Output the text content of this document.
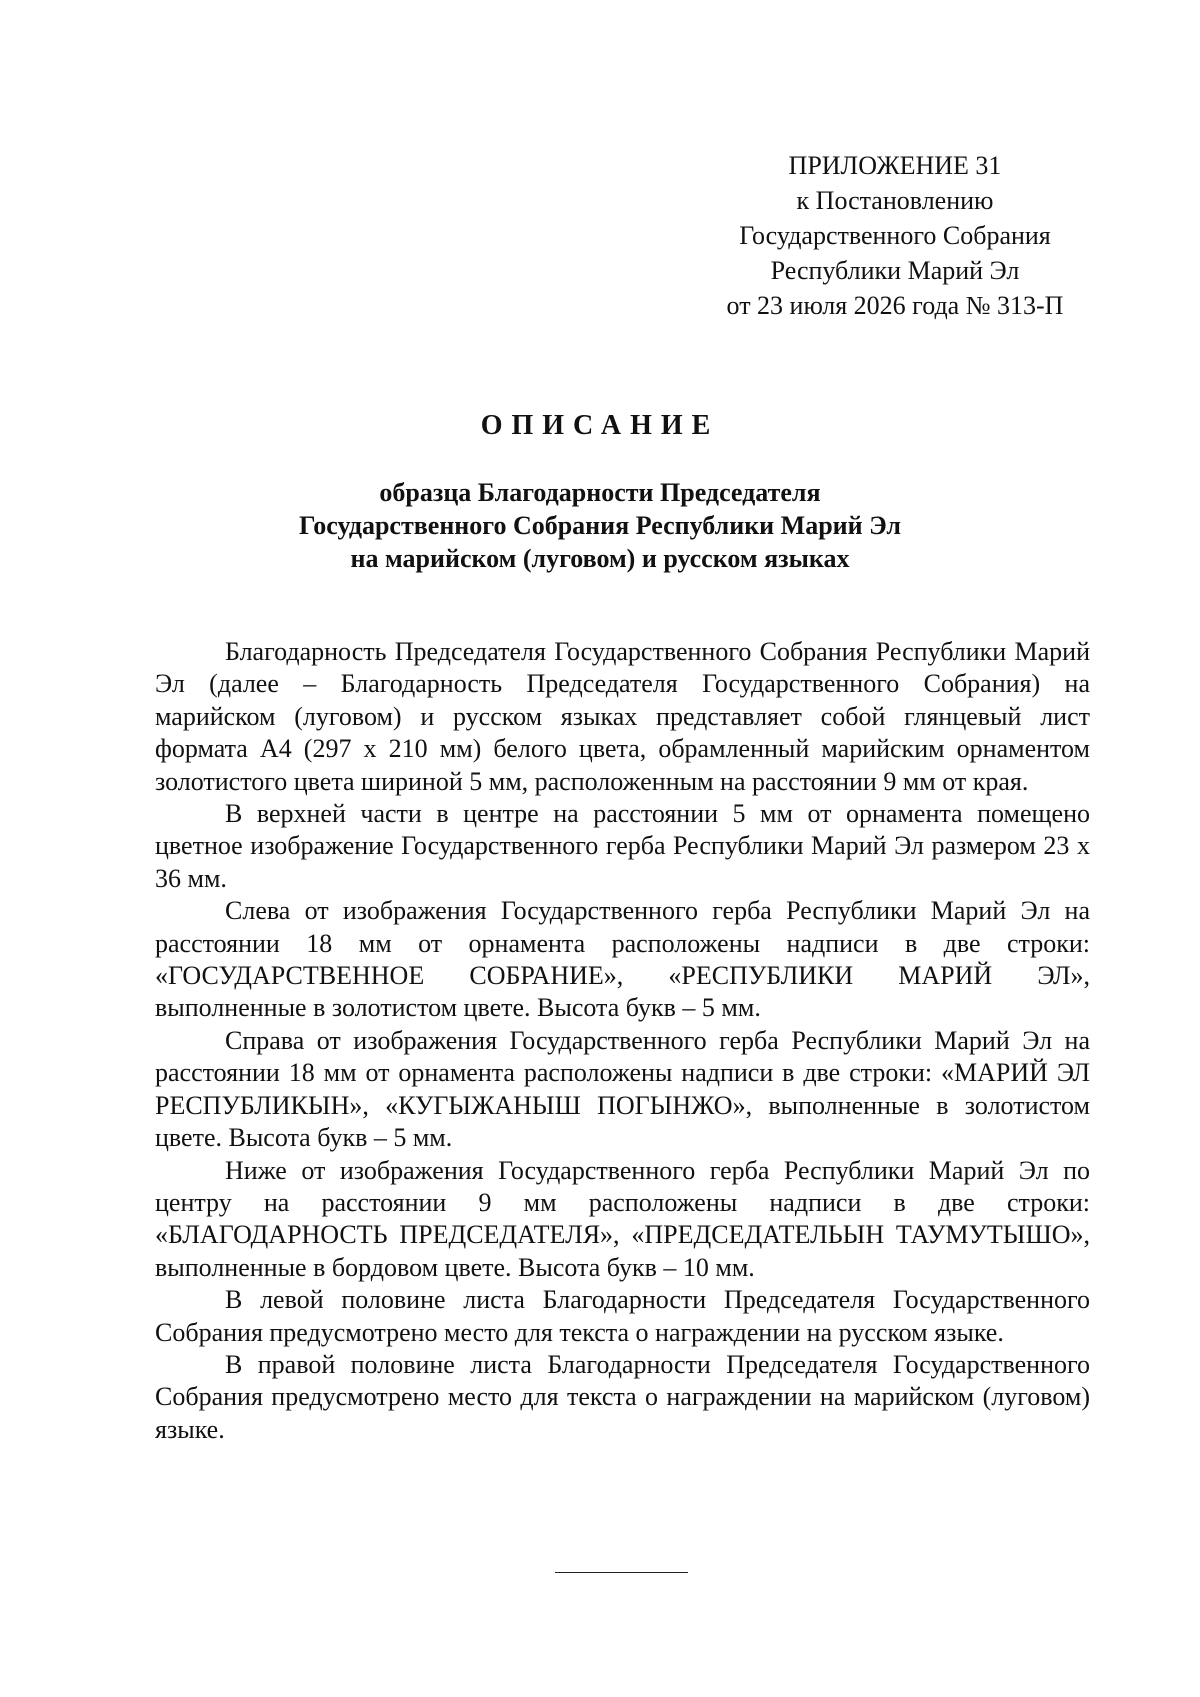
ПРИЛОЖЕНИЕ 31
к Постановлению
Государственного Собрания
Республики Марий Эл
от 23 июля 2026 года № 313-П
ОПИСАНИЕ
образца Благодарности Председателя
Государственного Собрания Республики Марий Эл
на марийском (луговом) и русском языках

Благодарность Председателя Государственного Собрания Республики Марий Эл (далее – Благодарность Председателя Государственного Собрания) на марийском (луговом) и русском языках представляет собой глянцевый лист формата А4 (297 х 210 мм) белого цвета, обрамленный марийским орнаментом золотистого цвета шириной 5 мм, расположенным на расстоянии 9 мм от края.

В верхней части в центре на расстоянии 5 мм от орнамента помещено цветное изображение Государственного герба Республики Марий Эл размером 23 х 36 мм.

Слева от изображения Государственного герба Республики Марий Эл на расстоянии 18 мм от орнамента расположены надписи в две строки: «ГОСУДАРСТВЕННОЕ СОБРАНИЕ», «РЕСПУБЛИКИ МАРИЙ ЭЛ», выполненные в золотистом цвете. Высота букв – 5 мм.

Справа от изображения Государственного герба Республики Марий Эл на расстоянии 18 мм от орнамента расположены надписи в две строки: «МАРИЙ ЭЛ РЕСПУБЛИКЫН», «КУГЫЖАНЫШ ПОГЫНЖО», выполненные в золотистом цвете. Высота букв – 5 мм.

Ниже от изображения Государственного герба Республики Марий Эл по центру на расстоянии 9 мм расположены надписи в две строки: «БЛАГОДАРНОСТЬ ПРЕДСЕДАТЕЛЯ», «ПРЕДСЕДАТЕЛЬЫН ТАУМУТЫШО», выполненные в бордовом цвете. Высота букв – 10 мм.

В левой половине листа Благодарности Председателя Государственного Собрания предусмотрено место для текста о награждении на русском языке.

В правой половине листа Благодарности Председателя Государственного Собрания предусмотрено место для текста о награждении на марийском (луговом) языке.
